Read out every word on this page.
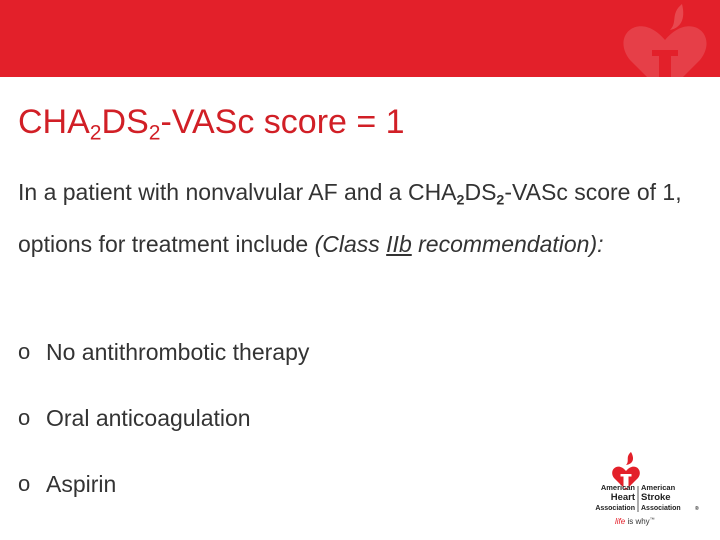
$CHA_2DS_2$-VASc score = 1

In a patient with nonvalvular AF and a $CHA_2DS_2$-VASc score of 1, options for treatment include (Class IIb recommendation):

o No antithrombotic therapy
o Oral anticoagulation
o Aspirin	American
Heart
Association
American
Stroke
Association	®
life is why™
